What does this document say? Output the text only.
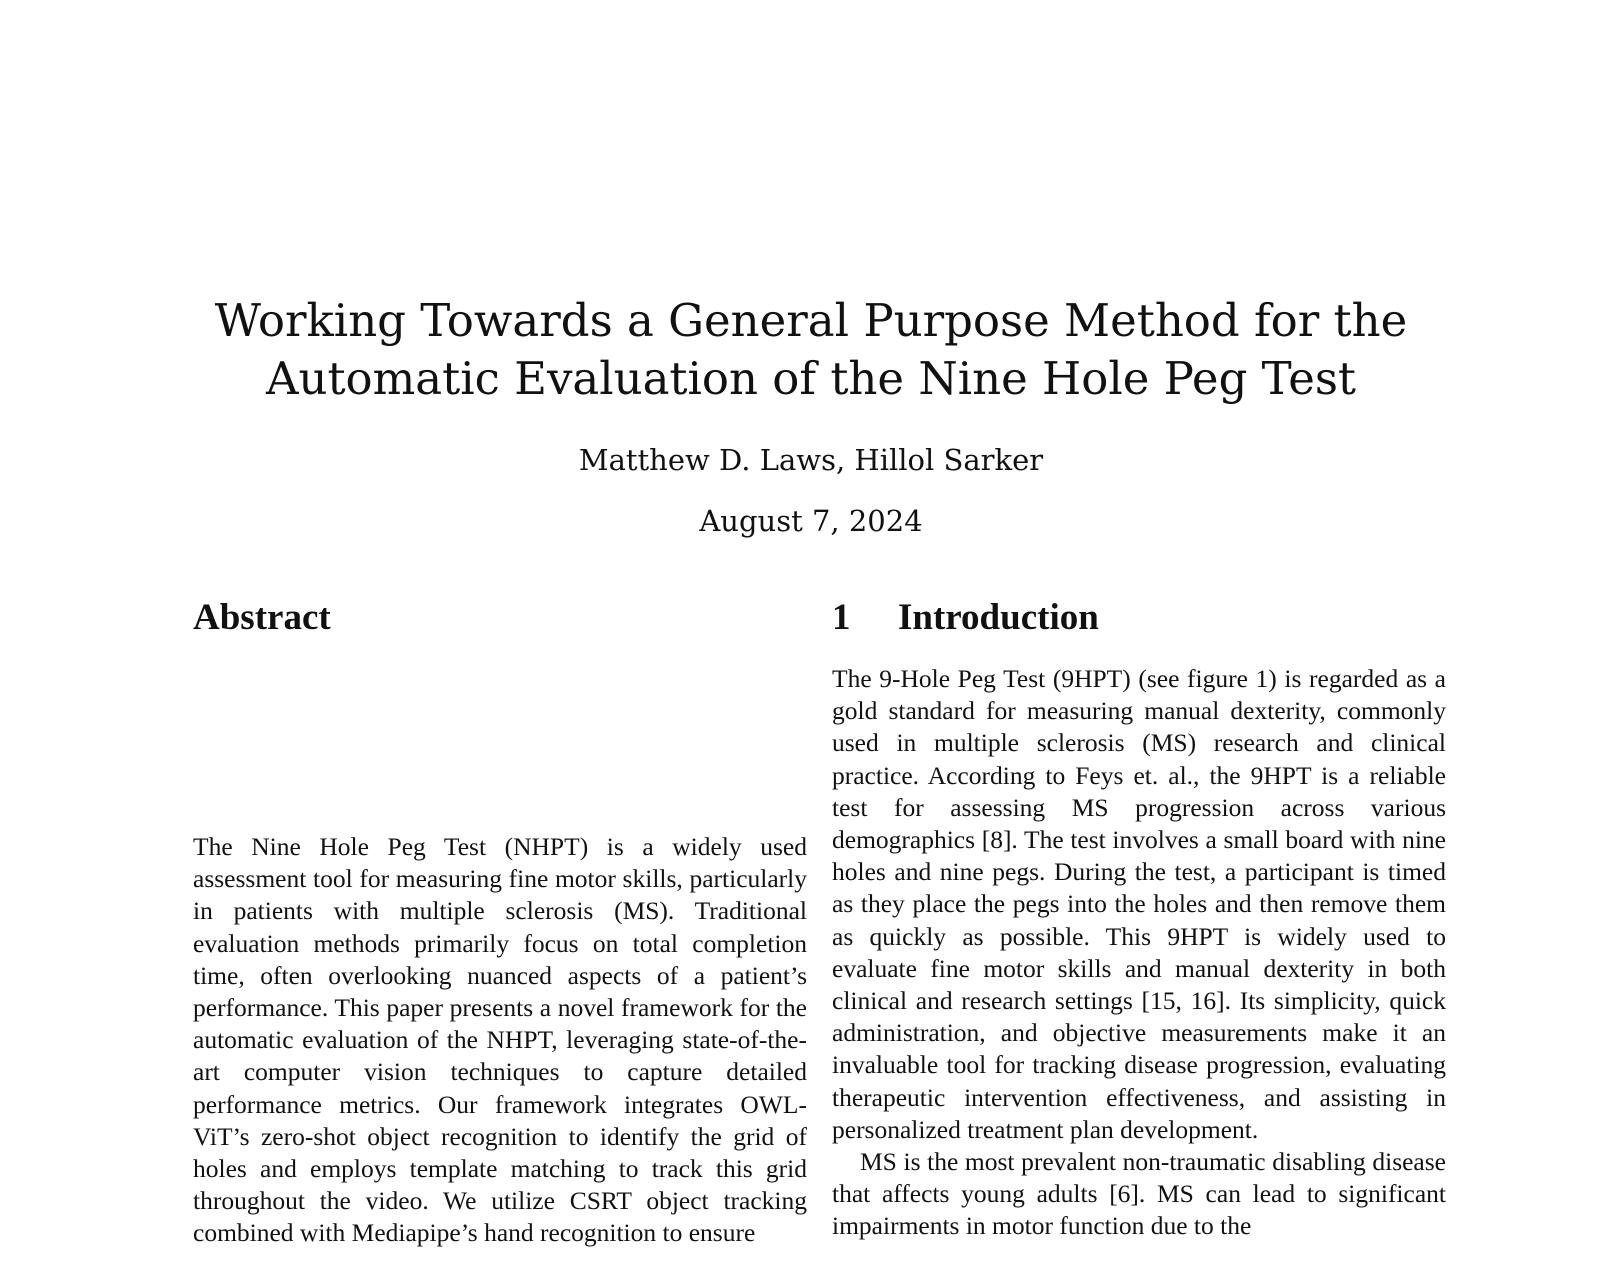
Working Towards a General Purpose Method for the Automatic Evaluation of the Nine Hole Peg Test
Matthew D. Laws, Hillol Sarker
August 7, 2024
Abstract

The Nine Hole Peg Test (NHPT) is a widely used assessment tool for measuring fine motor skills, particularly in patients with multiple sclerosis (MS). Traditional evaluation methods primarily focus on total completion time, often overlooking nuanced aspects of a patient’s performance. This paper presents a novel framework for the automatic evaluation of the NHPT, leveraging state-of-the-art computer vision techniques to capture detailed performance metrics. Our framework integrates OWL-ViT’s zero-shot object recognition to identify the grid of holes and employs template matching to track this grid throughout the video. We utilize CSRT object tracking combined with Mediapipe’s hand recognition to ensure

1 Introduction

The 9-Hole Peg Test (9HPT) (see figure 1) is regarded as a gold standard for measuring manual dexterity, commonly used in multiple sclerosis (MS) research and clinical practice. According to Feys et. al., the 9HPT is a reliable test for assessing MS progression across various demographics [8]. The test involves a small board with nine holes and nine pegs. During the test, a participant is timed as they place the pegs into the holes and then remove them as quickly as possible. This 9HPT is widely used to evaluate fine motor skills and manual dexterity in both clinical and research settings [15, 16]. Its simplicity, quick administration, and objective measurements make it an invaluable tool for tracking disease progression, evaluating therapeutic intervention effectiveness, and assisting in personalized treatment plan development.

MS is the most prevalent non-traumatic disabling disease that affects young adults [6]. MS can lead to significant impairments in motor function due to the
